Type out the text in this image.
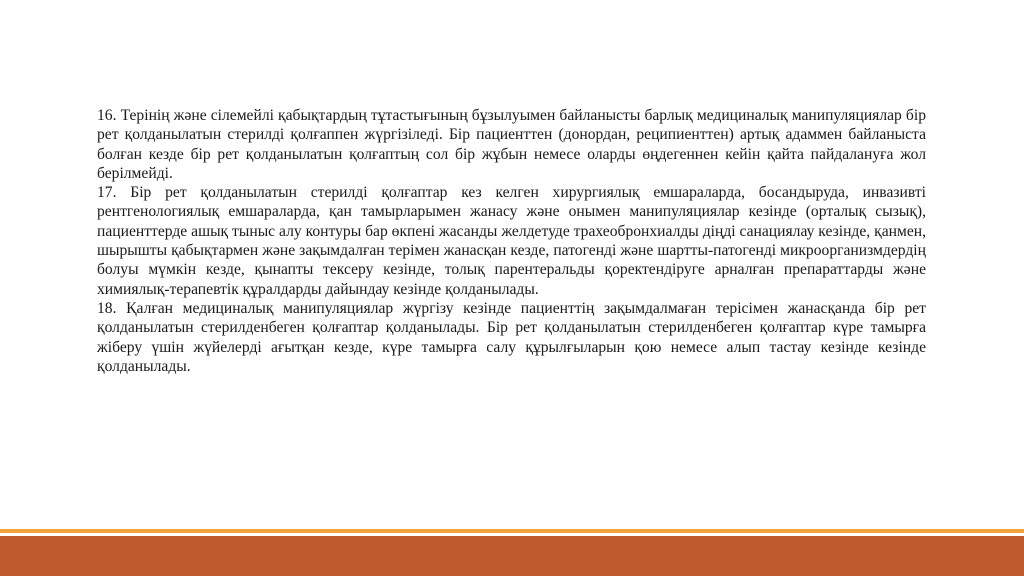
16. Терінің және сілемейлі қабықтардың тұтастығының бұзылуымен байланысты барлық медициналық манипуляциялар бір рет қолданылатын стерилді қолғаппен жүргізіледі. Бір пациенттен (донордан, реципиенттен) артық адаммен байланыста болған кезде бір рет қолданылатын қолғаптың сол бір жұбын немесе оларды өңдегеннен кейін қайта пайдалануға жол берілмейді.

17. Бір рет қолданылатын стерилді қолғаптар кез келген хирургиялық емшараларда, босандыруда, инвазивті рентгенологиялық емшараларда, қан тамырларымен жанасу және онымен манипуляциялар кезінде (орталық сызық), пациенттерде ашық тыныс алу контуры бар өкпені жасанды желдетуде трахеобронхиалды діңді санациялау кезінде, қанмен, шырышты қабықтармен және зақымдалған терімен жанасқан кезде, патогенді және шартты-патогенді микроорганизмдердің болуы мүмкін кезде, қынапты тексеру кезінде, толық парентеральды қоректендіруге арналған препараттарды және химиялық-терапевтік құралдарды дайындау кезінде қолданылады.

18. Қалған медициналық манипуляциялар жүргізу кезінде пациенттің зақымдалмаған терісімен жанасқанда бір рет қолданылатын стерилденбеген қолғаптар қолданылады. Бір рет қолданылатын стерилденбеген қолғаптар күре тамырға жіберу үшін жүйелерді ағытқан кезде, күре тамырға салу құрылғыларын қою немесе алып тастау кезінде кезінде қолданылады.
